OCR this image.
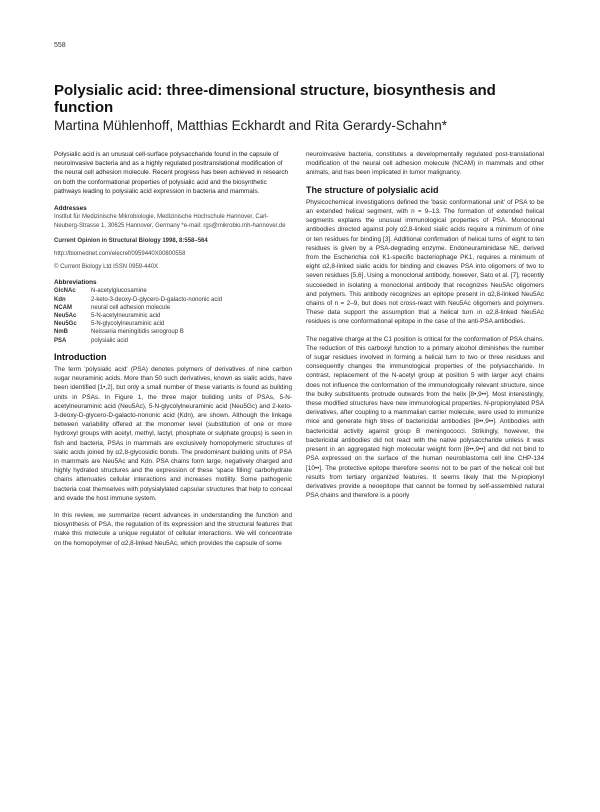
558
Polysialic acid: three-dimensional structure, biosynthesis and function

Martina Mühlenhoff, Matthias Eckhardt and Rita Gerardy-Schahn*

Polysialic acid is an unusual cell-surface polysaccharide found in the capsule of neuroinvasive bacteria and as a highly regulated posttranslational modification of the neural cell adhesion molecule. Recent progress has been achieved in research on both the conformational properties of polysialic acid and the biosynthetic pathways leading to polysialic acid expression in bacteria and mammals.

Addresses

Institut für Medizinische Mikrobiologie, Medizinische Hochschule Hannover, Carl-Neuberg-Strasse 1, 30625 Hannover, Germany *e-mail: rgs@mikrobio.mh-hannover.de

Current Opinion in Structural Biology 1998, 8:558–564

http://biomednet.com/elecref/0959440X00800558

© Current Biology Ltd ISSN 0959-440X

Abbreviations

GlcNAc	N-acetylglucosamine
Kdn	2-keto-3-deoxy-D-glycero-D-galacto-nononic acid
NCAM	neural cell adhesion molecule
Neu5Ac	5-N-acetylneuraminic acid
Neu5Gc	5-N-glycolylneuraminic acid
NmB	Neisseria meningitidis serogroup B
PSA	polysialic acid
Introduction

The term 'polysialic acid' (PSA) denotes polymers of derivatives of nine carbon sugar neuraminic acids. More than 50 such derivatives, known as sialic acids, have been identified [1•,2], but only a small number of these variants is found as building units in PSAs. In Figure 1, the three major building units of PSAs, 5-N-acetylneuraminic acid (Neu5Ac), 5-N-glycolylneuraminic acid (Neu5Gc) and 2-keto-3-deoxy-D-glycero-D-galacto-nononic acid (Kdn), are shown. Although the linkage between variability offered at the monomer level (substitution of one or more hydroxyl groups with acetyl, methyl, lactyl, phosphate or sulphate groups) is seen in fish and bacteria, PSAs in mammals are exclusively homopolymeric structures of sialic acids joined by α2,8-glycosidic bonds. The predominant building units of PSA in mammals are Neu5Ac and Kdn. PSA chains form large, negatively charged and highly hydrated structures and the expression of these 'space filling' carbohydrate chains attenuates cellular interactions and increases motility. Some pathogenic bacteria coat themselves with polysialylated capsular structures that help to conceal and evade the host immune system.

In this review, we summarize recent advances in understanding the function and biosynthesis of PSA, the regulation of its expression and the structural features that make this molecule a unique regulator of cellular interactions. We will concentrate on the homopolymer of α2,8-linked Neu5Ac, which provides the capsule of some

neuroinvasive bacteria, constitutes a developmentally regulated post-translational modification of the neural cell adhesion molecule (NCAM) in mammals and other animals, and has been implicated in tumor malignancy.

The structure of polysialic acid

Physicochemical investigations defined the 'basic conformational unit' of PSA to be an extended helical segment, with n = 9–13. The formation of extended helical segments explains the unusual immunological properties of PSA. Monoclonal antibodies directed against poly α2,8-linked sialic acids require a minimum of nine or ten residues for binding [3]. Additional confirmation of helical turns of eight to ten residues is given by a PSA-degrading enzyme. Endoneuraminidase NE, derived from the Escherichia coli K1-specific bacteriophage PK1, requires a minimum of eight α2,8-linked sialic acids for binding and cleaves PSA into oligomers of two to seven residues [5,6]. Using a monoclonal antibody, however, Sato et al. [7], recently succeeded in isolating a monoclonal antibody that recognizes Neu5Ac oligomers and polymers. This antibody recognizes an epitope present in α2,8-linked Neu5Ac chains of n = 2–9, but does not cross-react with Neu5Ac oligomers and polymers. These data support the assumption that a helical turn in α2,8-linked Neu5Ac residues is one conformational epitope in the case of the anti-PSA antibodies.

The negative charge at the C1 position is critical for the conformation of PSA chains. The reduction of this carboxyl function to a primary alcohol diminishes the number of sugar residues involved in forming a helical turn to two or three residues and consequently changes the immunological properties of the polysaccharide. In contrast, replacement of the N-acetyl group at position 5 with larger acyl chains does not influence the conformation of the immunologically relevant structure, since the bulky substituents protrude outwards from the helix [8•,9••]. Most interestingly, these modified structures have new immunological properties. N-propionylated PSA derivatives, after coupling to a mammalian carrier molecule, were used to immunize mice and generate high titres of bactericidal antibodies [8••,9••]. Antibodies with bactericidal activity against group B meningococci. Strikingly, however, the bactericidal antibodies did not react with the native polysaccharide unless it was present in an aggregated high molecular weight form [8••,9••] and did not bind to PSA expressed on the surface of the human neuroblastoma cell line CHP-134 [10••]. The protective epitope therefore seems not to be part of the helical coil but results from tertiary organized features. It seems likely that the N-propionyl derivatives provide a neoepitope that cannot be formed by self-assembled natural PSA chains and therefore is a poorly
